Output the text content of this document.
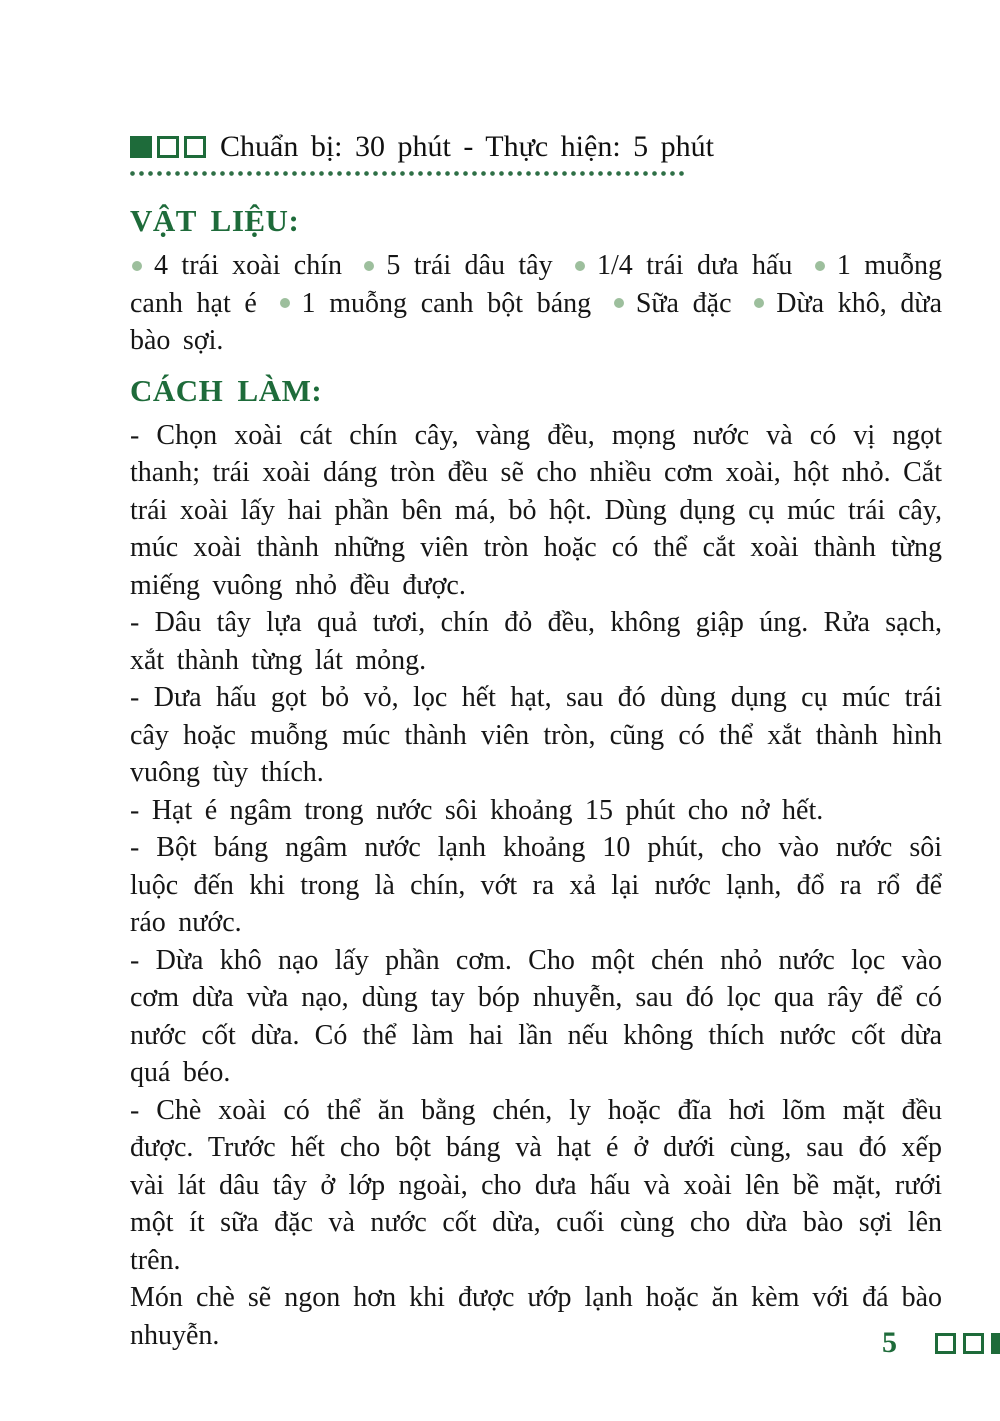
Chuẩn bị: 30 phút - Thực hiện: 5 phút
VẬT LIỆU:

4 trái xoài chín 5 trái dâu tây 1/4 trái dưa hấu 1 muỗng canh hạt é 1 muỗng canh bột báng Sữa đặc Dừa khô, dừa bào sợi.

CÁCH LÀM:

- Chọn xoài cát chín cây, vàng đều, mọng nước và có vị ngọt thanh; trái xoài dáng tròn đều sẽ cho nhiều cơm xoài, hột nhỏ. Cắt trái xoài lấy hai phần bên má, bỏ hột. Dùng dụng cụ múc trái cây, múc xoài thành những viên tròn hoặc có thể cắt xoài thành từng miếng vuông nhỏ đều được.

- Dâu tây lựa quả tươi, chín đỏ đều, không giập úng. Rửa sạch, xắt thành từng lát mỏng.

- Dưa hấu gọt bỏ vỏ, lọc hết hạt, sau đó dùng dụng cụ múc trái cây hoặc muỗng múc thành viên tròn, cũng có thể xắt thành hình vuông tùy thích.

- Hạt é ngâm trong nước sôi khoảng 15 phút cho nở hết.

- Bột báng ngâm nước lạnh khoảng 10 phút, cho vào nước sôi luộc đến khi trong là chín, vớt ra xả lại nước lạnh, đổ ra rổ để ráo nước.

- Dừa khô nạo lấy phần cơm. Cho một chén nhỏ nước lọc vào cơm dừa vừa nạo, dùng tay bóp nhuyễn, sau đó lọc qua rây để có nước cốt dừa. Có thể làm hai lần nếu không thích nước cốt dừa quá béo.

- Chè xoài có thể ăn bằng chén, ly hoặc đĩa hơi lõm mặt đều được. Trước hết cho bột báng và hạt é ở dưới cùng, sau đó xếp vài lát dâu tây ở lớp ngoài, cho dưa hấu và xoài lên bề mặt, rưới một ít sữa đặc và nước cốt dừa, cuối cùng cho dừa bào sợi lên trên.

Món chè sẽ ngon hơn khi được ướp lạnh hoặc ăn kèm với đá bào nhuyễn.	5
